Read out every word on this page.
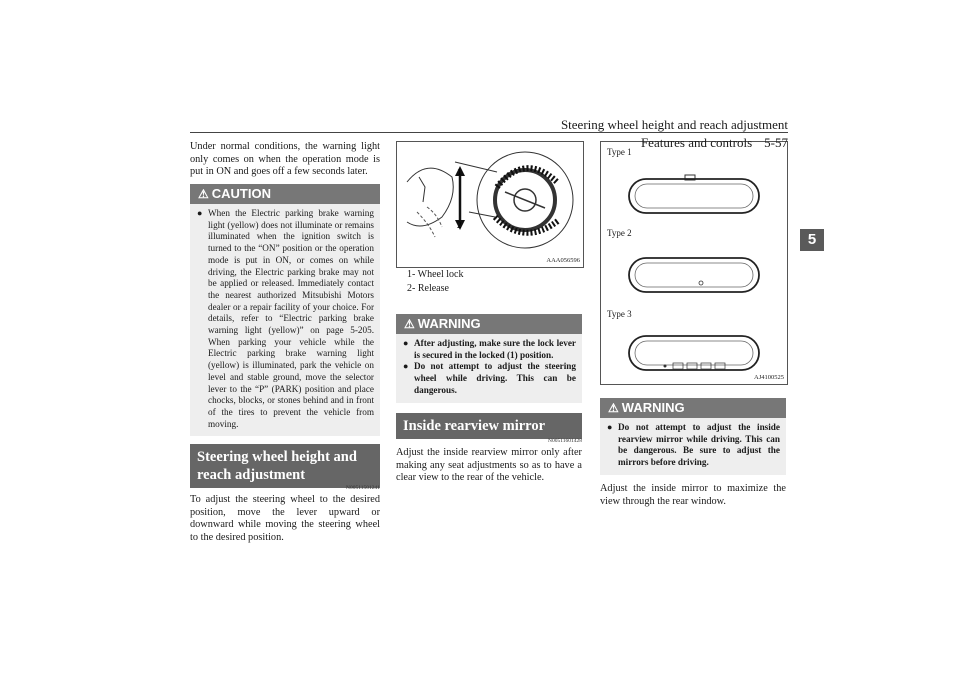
Steering wheel height and reach adjustment
5
Under normal conditions, the warning light only comes on when the operation mode is put in ON and goes off a few seconds later.
⚠ CAUTION
● When the Electric parking brake warning light (yellow) does not illuminate or remains illuminated when the ignition switch is turned to the “ON” position or the operation mode is put in ON, or comes on while driving, the Electric parking brake may not be applied or released. Immediately contact the nearest authorized Mitsubishi Motors dealer or a repair facility of your choice. For details, refer to “Electric parking brake warning light (yellow)” on page 5-205. When parking your vehicle while the Electric parking brake warning light (yellow) is illuminated, park the vehicle on level and stable ground, move the selector lever to the “P” (PARK) position and place chocks, blocks, or stones behind and in front of the tires to prevent the vehicle from moving.
Steering wheel height and reach adjustment
N00511501241
To adjust the steering wheel to the desired position, move the lever upward or downward while moving the steering wheel to the desired position.
1
2
AAA056596
1- Wheel lock
2- Release
⚠ WARNING
● After adjusting, make sure the lock lever is secured in the locked (1) position.
● Do not attempt to adjust the steering wheel while driving. This can be dangerous.
Inside rearview mirror
N00511601428
Adjust the inside rearview mirror only after making any seat adjustments so as to have a clear view to the rear of the vehicle.
Type 1
Type 2
Type 3
AJ4100525
⚠ WARNING
● Do not attempt to adjust the inside rearview mirror while driving. This can be dangerous. Be sure to adjust the mirrors before driving.
Adjust the inside mirror to maximize the view through the rear window.
Features and controls 5-57
